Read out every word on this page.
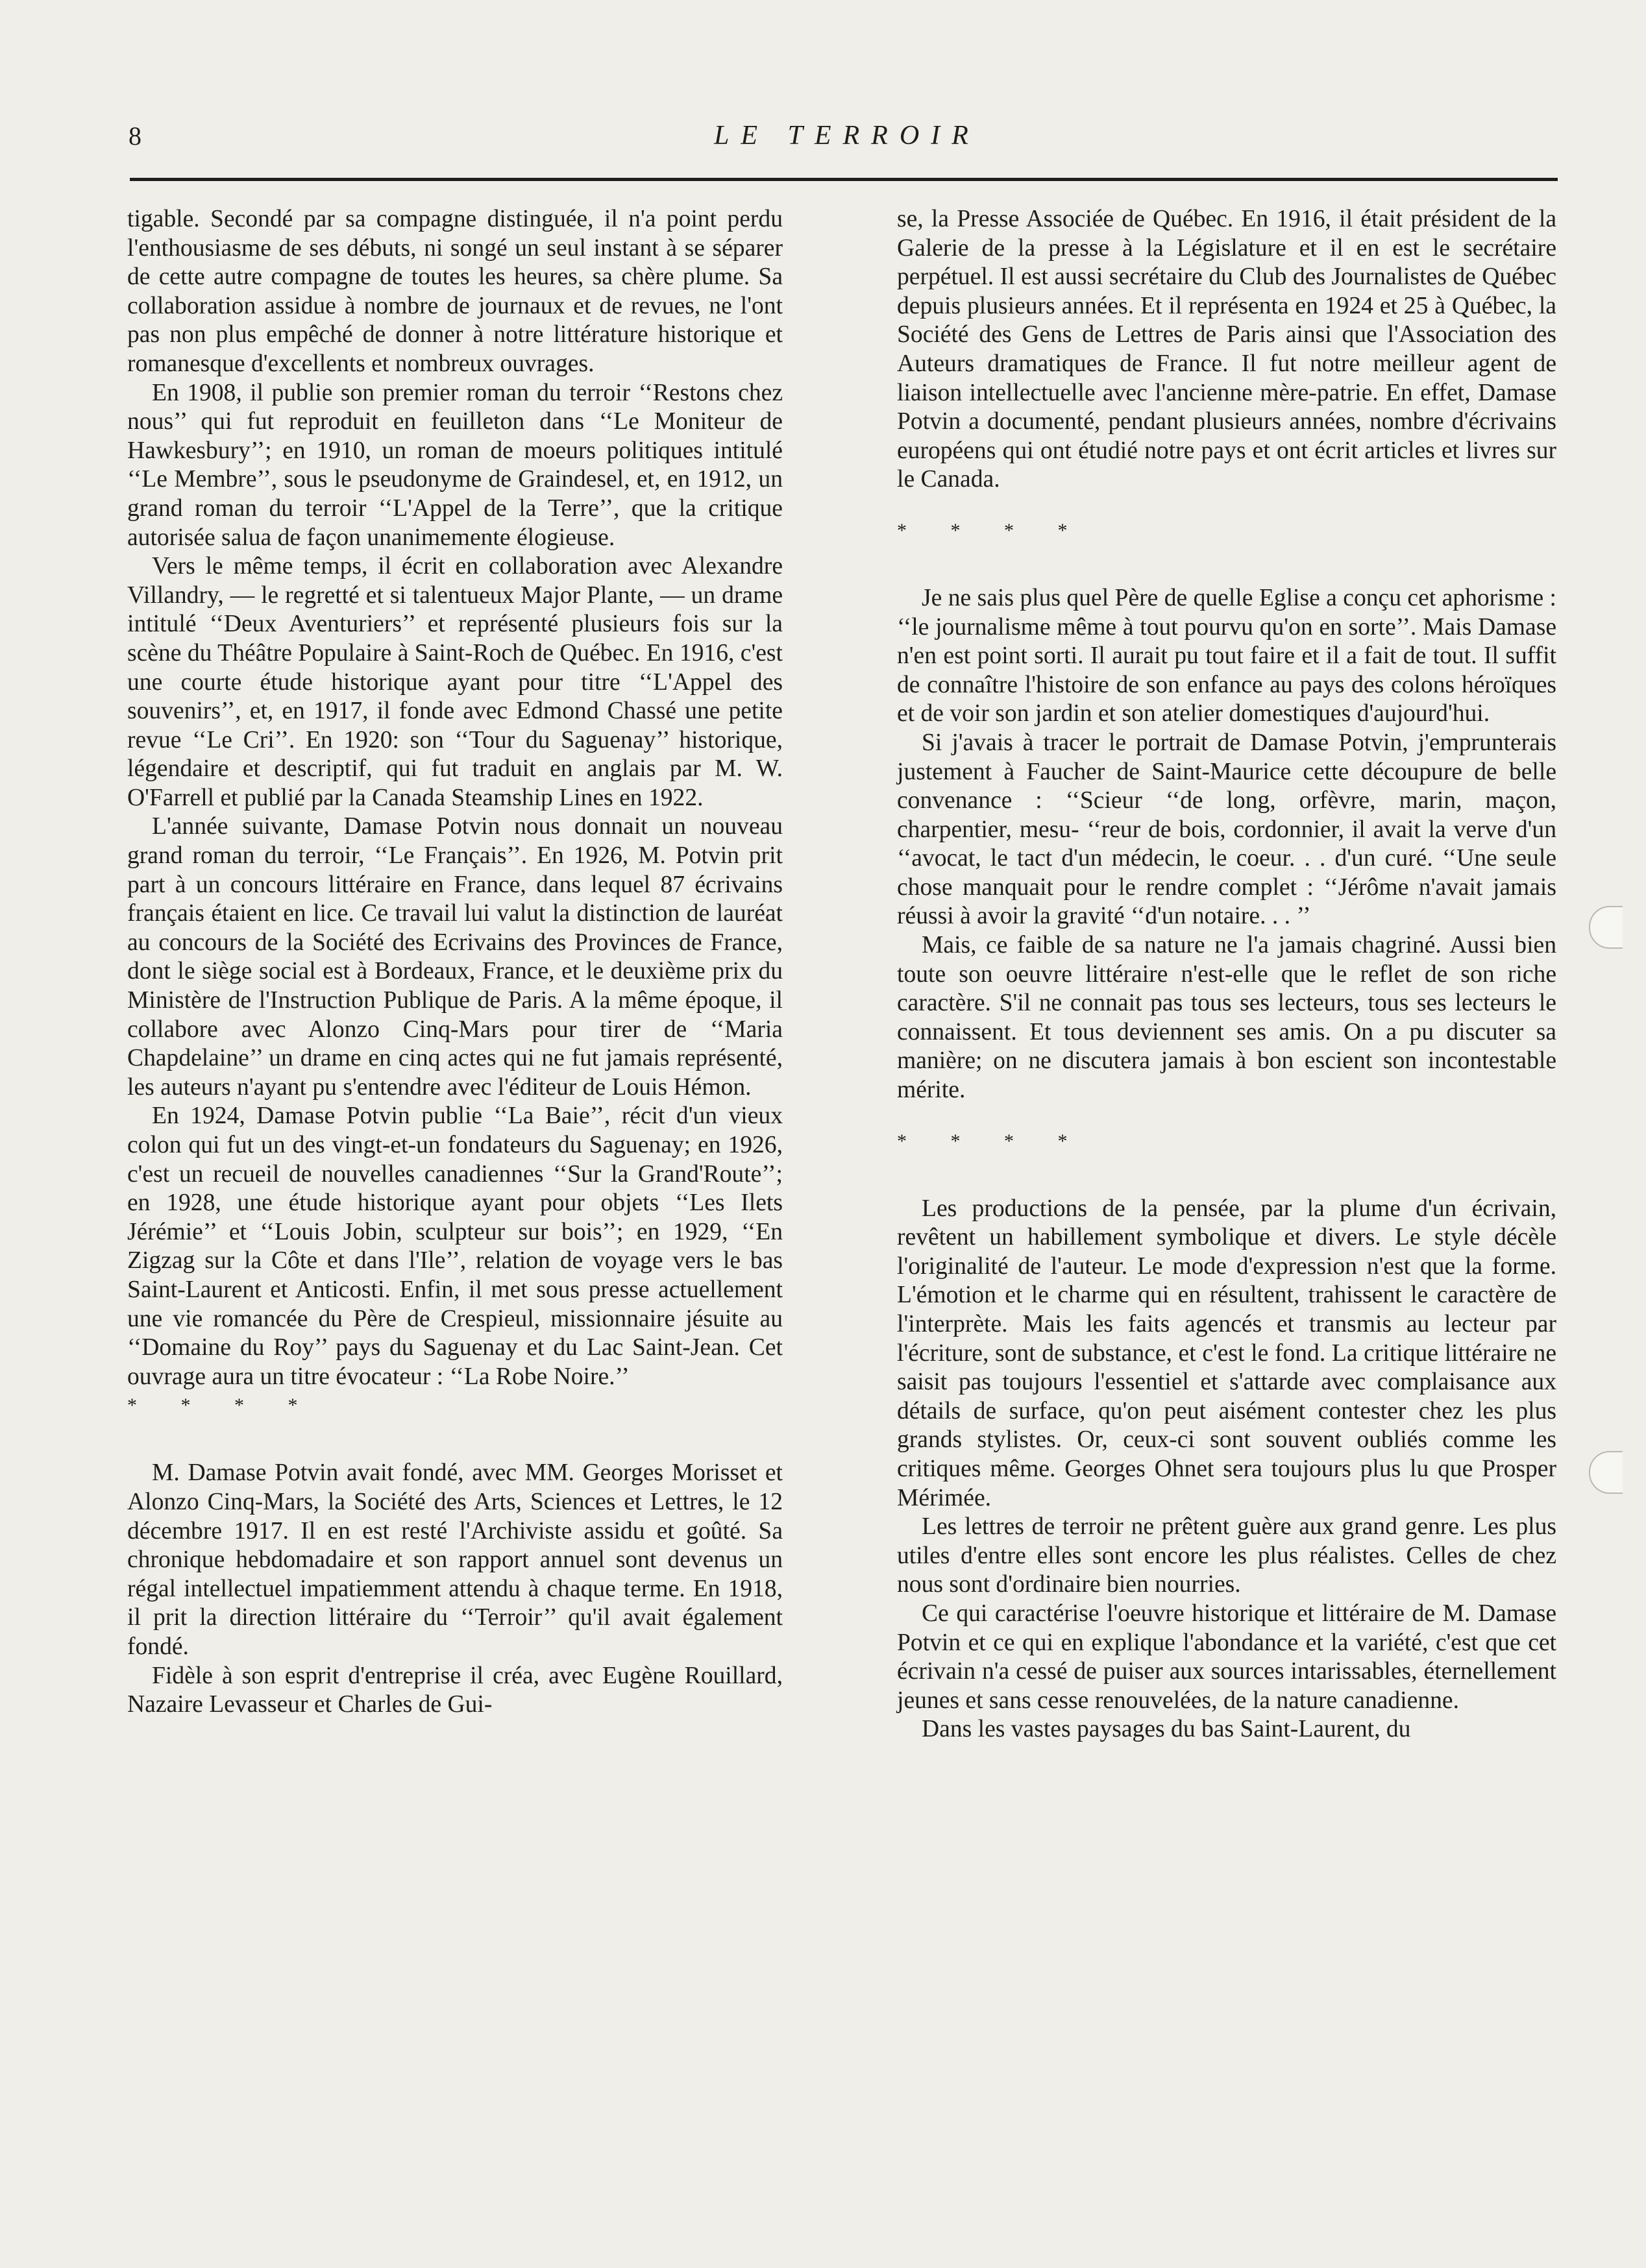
8	LE TERROIR

tigable. Secondé par sa compagne distinguée, il n'a point perdu l'enthousiasme de ses débuts, ni songé un seul instant à se séparer de cette autre compagne de toutes les heures, sa chère plume. Sa collaboration assidue à nombre de journaux et de revues, ne l'ont pas non plus empêché de donner à notre littérature historique et romanesque d'excellents et nombreux ouvrages.

En 1908, il publie son premier roman du terroir ‘‘Restons chez nous’’ qui fut reproduit en feuilleton dans ‘‘Le Moniteur de Hawkesbury’’; en 1910, un roman de moeurs politiques intitulé ‘‘Le Membre’’, sous le pseudonyme de Graindesel, et, en 1912, un grand roman du terroir ‘‘L'Appel de la Terre’’, que la critique autorisée salua de façon unanimemente élogieuse.

Vers le même temps, il écrit en collaboration avec Alexandre Villandry, — le regretté et si talentueux Major Plante, — un drame intitulé ‘‘Deux Aventuriers’’ et représenté plusieurs fois sur la scène du Théâtre Populaire à Saint-Roch de Québec. En 1916, c'est une courte étude historique ayant pour titre ‘‘L'Appel des souvenirs’’, et, en 1917, il fonde avec Edmond Chassé une petite revue ‘‘Le Cri’’. En 1920: son ‘‘Tour du Saguenay’’ historique, légendaire et descriptif, qui fut traduit en anglais par M. W. O'Farrell et publié par la Canada Steamship Lines en 1922.

L'année suivante, Damase Potvin nous donnait un nouveau grand roman du terroir, ‘‘Le Français’’. En 1926, M. Potvin prit part à un concours littéraire en France, dans lequel 87 écrivains français étaient en lice. Ce travail lui valut la distinction de lauréat au concours de la Société des Ecrivains des Provinces de France, dont le siège social est à Bordeaux, France, et le deuxième prix du Ministère de l'Instruction Publique de Paris. A la même époque, il collabore avec Alonzo Cinq-Mars pour tirer de ‘‘Maria Chapdelaine’’ un drame en cinq actes qui ne fut jamais représenté, les auteurs n'ayant pu s'entendre avec l'éditeur de Louis Hémon.

En 1924, Damase Potvin publie ‘‘La Baie’’, récit d'un vieux colon qui fut un des vingt-et-un fondateurs du Saguenay; en 1926, c'est un recueil de nouvelles canadiennes ‘‘Sur la Grand'Route’’; en 1928, une étude historique ayant pour objets ‘‘Les Ilets Jérémie’’ et ‘‘Louis Jobin, sculpteur sur bois’’; en 1929, ‘‘En Zigzag sur la Côte et dans l'Ile’’, relation de voyage vers le bas Saint-Laurent et Anticosti. Enfin, il met sous presse actuellement une vie romancée du Père de Crespieul, missionnaire jésuite au ‘‘Domaine du Roy’’ pays du Saguenay et du Lac Saint-Jean. Cet ouvrage aura un titre évocateur : ‘‘La Robe Noire.’’

* * * *

M. Damase Potvin avait fondé, avec MM. Georges Morisset et Alonzo Cinq-Mars, la Société des Arts, Sciences et Lettres, le 12 décembre 1917. Il en est resté l'Archiviste assidu et goûté. Sa chronique hebdomadaire et son rapport annuel sont devenus un régal intellectuel impatiemment attendu à chaque terme. En 1918, il prit la direction littéraire du ‘‘Terroir’’ qu'il avait également fondé.

Fidèle à son esprit d'entreprise il créa, avec Eugène Rouillard, Nazaire Levasseur et Charles de Gui-

se, la Presse Associée de Québec. En 1916, il était président de la Galerie de la presse à la Législature et il en est le secrétaire perpétuel. Il est aussi secrétaire du Club des Journalistes de Québec depuis plusieurs années. Et il représenta en 1924 et 25 à Québec, la Société des Gens de Lettres de Paris ainsi que l'Association des Auteurs dramatiques de France. Il fut notre meilleur agent de liaison intellectuelle avec l'ancienne mère-patrie. En effet, Damase Potvin a documenté, pendant plusieurs années, nombre d'écrivains européens qui ont étudié notre pays et ont écrit articles et livres sur le Canada.

* * * *

Je ne sais plus quel Père de quelle Eglise a conçu cet aphorisme : ‘‘le journalisme même à tout pourvu qu'on en sorte’’. Mais Damase n'en est point sorti. Il aurait pu tout faire et il a fait de tout. Il suffit de connaître l'histoire de son enfance au pays des colons héroïques et de voir son jardin et son atelier domestiques d'aujourd'hui.

Si j'avais à tracer le portrait de Damase Potvin, j'emprunterais justement à Faucher de Saint-Maurice cette découpure de belle convenance : ‘‘Scieur ‘‘de long, orfèvre, marin, maçon, charpentier, mesu- ‘‘reur de bois, cordonnier, il avait la verve d'un ‘‘avocat, le tact d'un médecin, le coeur. . . d'un curé. ‘‘Une seule chose manquait pour le rendre complet : ‘‘Jérôme n'avait jamais réussi à avoir la gravité ‘‘d'un notaire. . . ’’

Mais, ce faible de sa nature ne l'a jamais chagriné. Aussi bien toute son oeuvre littéraire n'est-elle que le reflet de son riche caractère. S'il ne connait pas tous ses lecteurs, tous ses lecteurs le connaissent. Et tous deviennent ses amis. On a pu discuter sa manière; on ne discutera jamais à bon escient son incontestable mérite.

* * * *

Les productions de la pensée, par la plume d'un écrivain, revêtent un habillement symbolique et divers. Le style décèle l'originalité de l'auteur. Le mode d'expression n'est que la forme. L'émotion et le charme qui en résultent, trahissent le caractère de l'interprète. Mais les faits agencés et transmis au lecteur par l'écriture, sont de substance, et c'est le fond. La critique littéraire ne saisit pas toujours l'essentiel et s'attarde avec complaisance aux détails de surface, qu'on peut aisément contester chez les plus grands stylistes. Or, ceux-ci sont souvent oubliés comme les critiques même. Georges Ohnet sera toujours plus lu que Prosper Mérimée.

Les lettres de terroir ne prêtent guère aux grand genre. Les plus utiles d'entre elles sont encore les plus réalistes. Celles de chez nous sont d'ordinaire bien nourries.

Ce qui caractérise l'oeuvre historique et littéraire de M. Damase Potvin et ce qui en explique l'abondance et la variété, c'est que cet écrivain n'a cessé de puiser aux sources intarissables, éternellement jeunes et sans cesse renouvelées, de la nature canadienne.

Dans les vastes paysages du bas Saint-Laurent, du
